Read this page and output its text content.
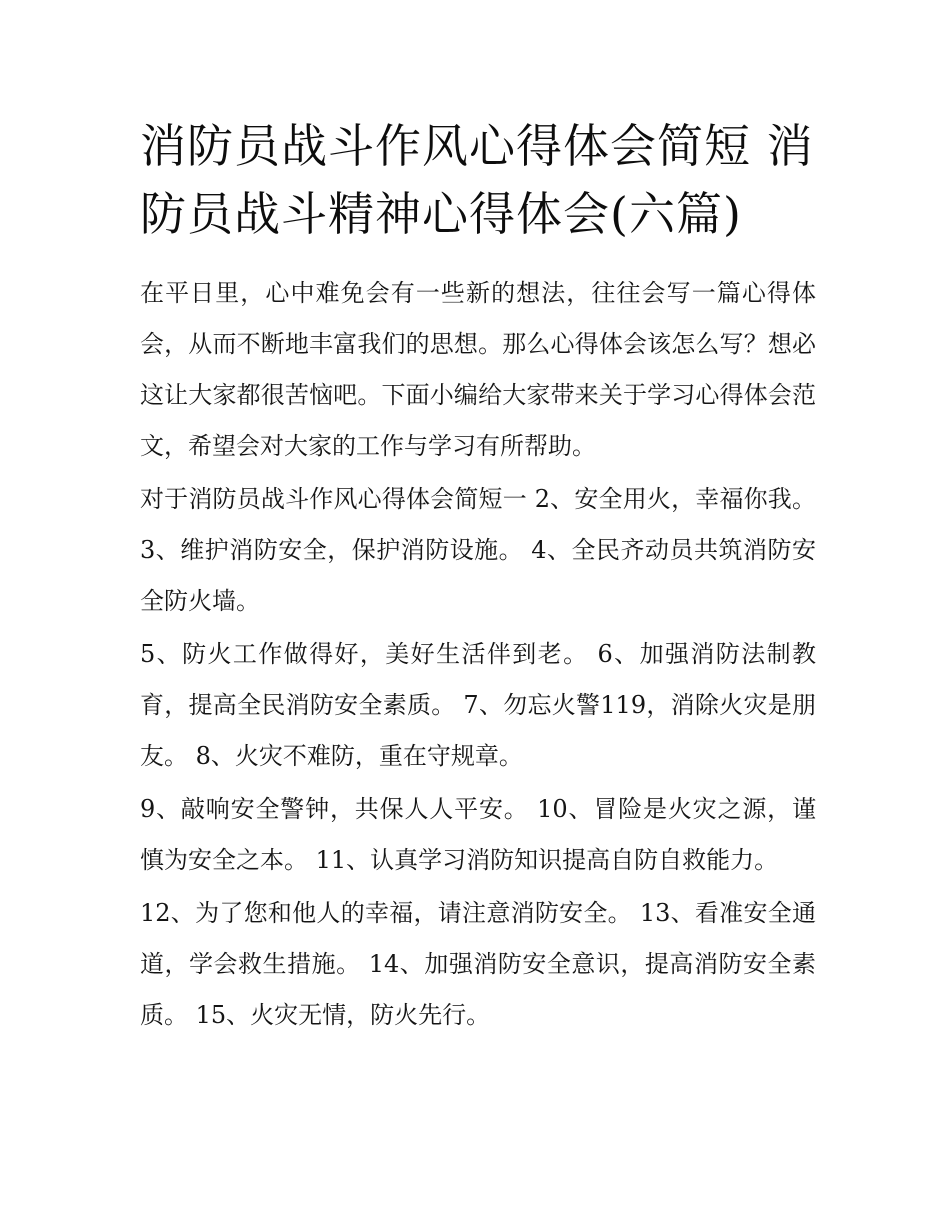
消防员战斗作风心得体会简短 消防员战斗精神心得体会(六篇)

在平日里，心中难免会有一些新的想法，往往会写一篇心得体会，从而不断地丰富我们的思想。那么心得体会该怎么写？想必这让大家都很苦恼吧。下面小编给大家带来关于学习心得体会范文，希望会对大家的工作与学习有所帮助。

对于消防员战斗作风心得体会简短一 2、安全用火，幸福你我。 3、维护消防安全，保护消防设施。 4、全民齐动员共筑消防安全防火墙。

5、防火工作做得好，美好生活伴到老。 6、加强消防法制教育，提高全民消防安全素质。 7、勿忘火警119，消除火灾是朋友。 8、火灾不难防，重在守规章。

9、敲响安全警钟，共保人人平安。 10、冒险是火灾之源，谨慎为安全之本。 11、认真学习消防知识提高自防自救能力。

12、为了您和他人的幸福，请注意消防安全。 13、看准安全通道，学会救生措施。 14、加强消防安全意识，提高消防安全素质。 15、火灾无情，防火先行。
